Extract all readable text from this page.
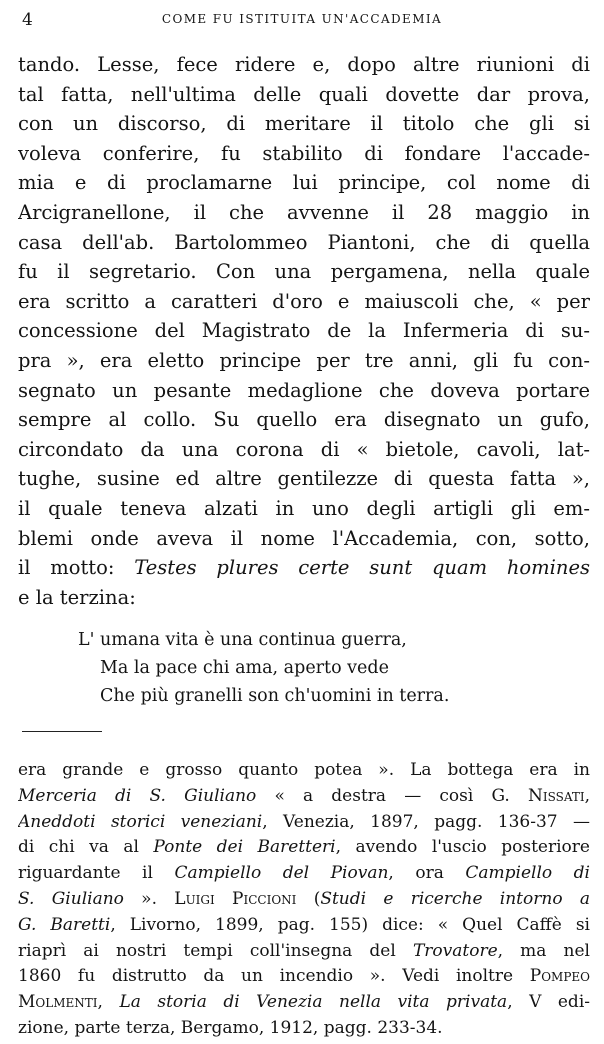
4	COME FU ISTITUITA UN'ACCADEMIA
tando. Lesse, fece ridere e, dopo altre riunioni di
tal fatta, nell'ultima delle quali dovette dar prova,
con un discorso, di meritare il titolo che gli si
voleva conferire, fu stabilito di fondare l'accade-
mia e di proclamarne lui principe, col nome di
Arcigranellone, il che avvenne il 28 maggio in
casa dell'ab. Bartolommeo Piantoni, che di quella
fu il segretario. Con una pergamena, nella quale
era scritto a caratteri d'oro e maiuscoli che, « per
concessione del Magistrato de la Infermeria di su-
pra », era eletto principe per tre anni, gli fu con-
segnato un pesante medaglione che doveva portare
sempre al collo. Su quello era disegnato un gufo,
circondato da una corona di « bietole, cavoli, lat-
tughe, susine ed altre gentilezze di questa fatta »,
il quale teneva alzati in uno degli artigli gli em-
blemi onde aveva il nome l'Accademia, con, sotto,
il motto: Testes plures certe sunt quam homines
e la terzina:
L' umana vita è una continua guerra,
Ma la pace chi ama, aperto vede
Che più granelli son ch'uomini in terra.
era grande e grosso quanto potea ». La bottega era in
Merceria di S. Giuliano « a destra — così G. Nissati,
Aneddoti storici veneziani, Venezia, 1897, pagg. 136-37 —
di chi va al Ponte dei Baretteri, avendo l'uscio posteriore
riguardante il Campiello del Piovan, ora Campiello di
S. Giuliano ». Luigi Piccioni (Studi e ricerche intorno a
G. Baretti, Livorno, 1899, pag. 155) dice: « Quel Caffè si
riaprì ai nostri tempi coll'insegna del Trovatore, ma nel
1860 fu distrutto da un incendio ». Vedi inoltre Pompeo
Molmenti, La storia di Venezia nella vita privata, V edi-
zione, parte terza, Bergamo, 1912, pagg. 233-34.
